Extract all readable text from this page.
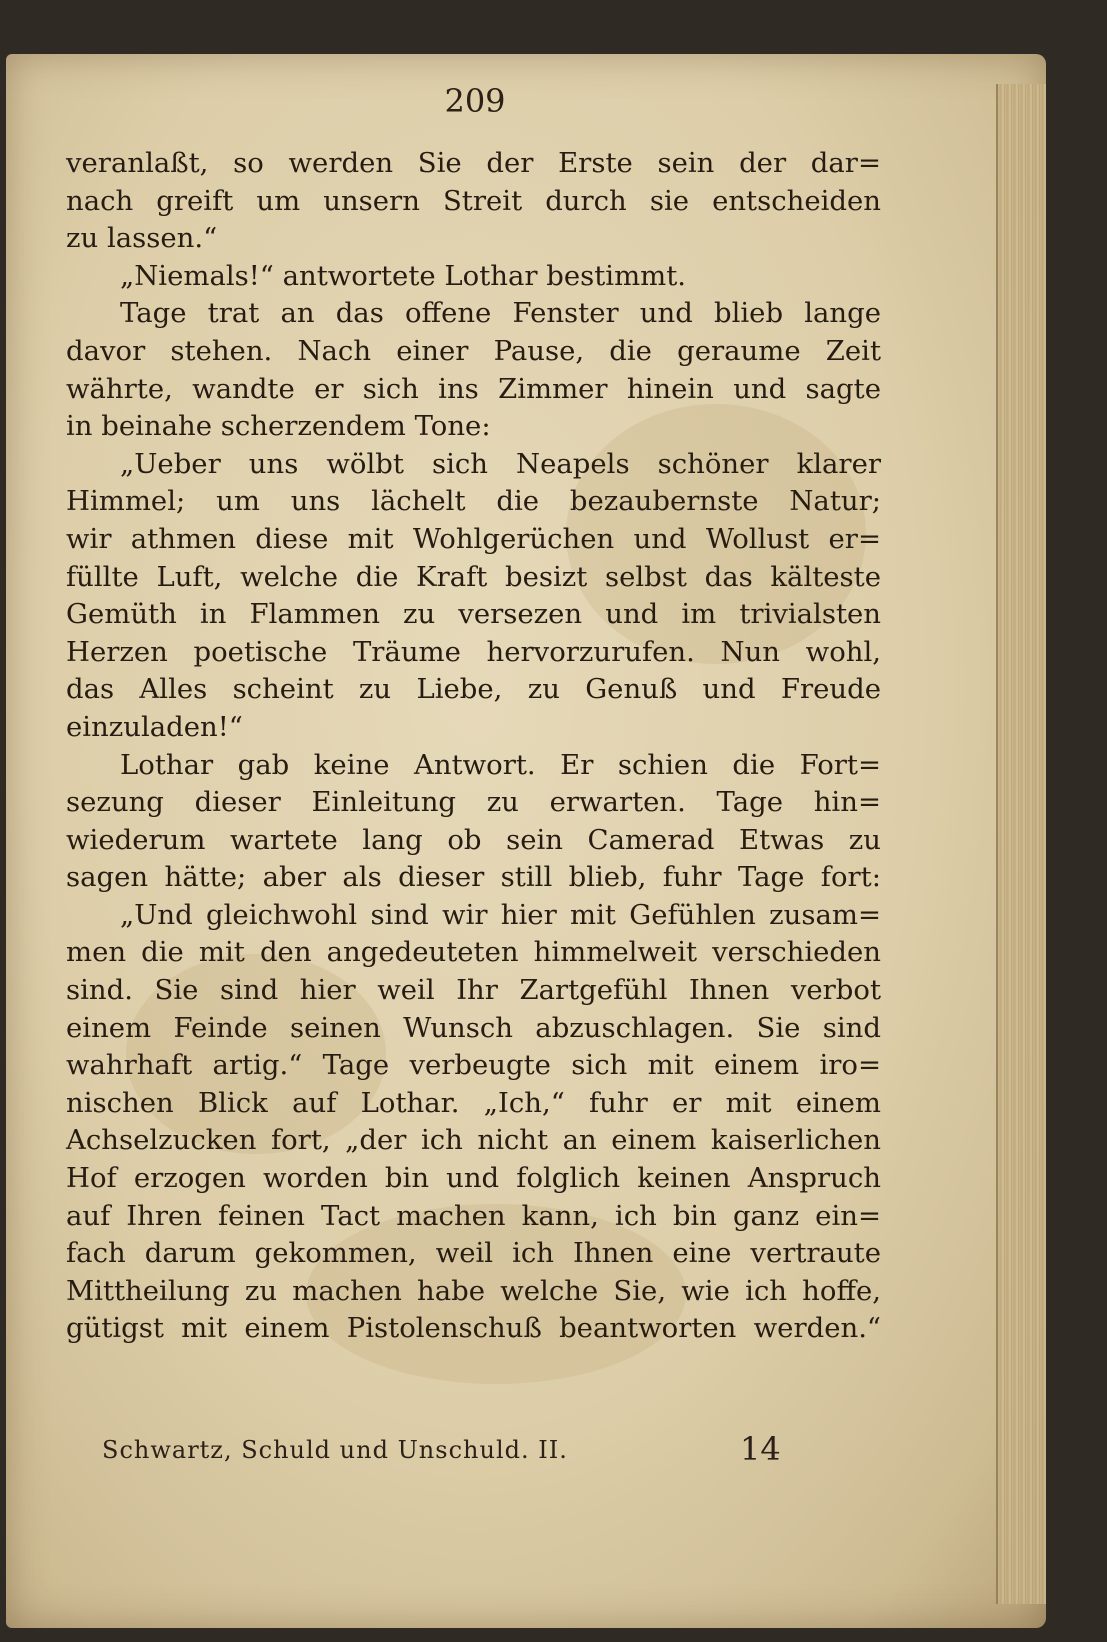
209
veranlaßt, so werden Sie der Erste sein der dar=
nach greift um unsern Streit durch sie entscheiden
zu lassen.“
„Niemals!“ antwortete Lothar bestimmt.
Tage trat an das offene Fenster und blieb lange
davor stehen. Nach einer Pause, die geraume Zeit
währte, wandte er sich ins Zimmer hinein und sagte
in beinahe scherzendem Tone:
„Ueber uns wölbt sich Neapels schöner klarer
Himmel; um uns lächelt die bezaubernste Natur;
wir athmen diese mit Wohlgerüchen und Wollust er=
füllte Luft, welche die Kraft besizt selbst das kälteste
Gemüth in Flammen zu versezen und im trivialsten
Herzen poetische Träume hervorzurufen. Nun wohl,
das Alles scheint zu Liebe, zu Genuß und Freude
einzuladen!“
Lothar gab keine Antwort. Er schien die Fort=
sezung dieser Einleitung zu erwarten. Tage hin=
wiederum wartete lang ob sein Camerad Etwas zu
sagen hätte; aber als dieser still blieb, fuhr Tage fort:
„Und gleichwohl sind wir hier mit Gefühlen zusam=
men die mit den angedeuteten himmelweit verschieden
sind. Sie sind hier weil Ihr Zartgefühl Ihnen verbot
einem Feinde seinen Wunsch abzuschlagen. Sie sind
wahrhaft artig.“ Tage verbeugte sich mit einem iro=
nischen Blick auf Lothar. „Ich,“ fuhr er mit einem
Achselzucken fort, „der ich nicht an einem kaiserlichen
Hof erzogen worden bin und folglich keinen Anspruch
auf Ihren feinen Tact machen kann, ich bin ganz ein=
fach darum gekommen, weil ich Ihnen eine vertraute
Mittheilung zu machen habe welche Sie, wie ich hoffe,
gütigst mit einem Pistolenschuß beantworten werden.“
Schwartz, Schuld und Unschuld. II.	14
